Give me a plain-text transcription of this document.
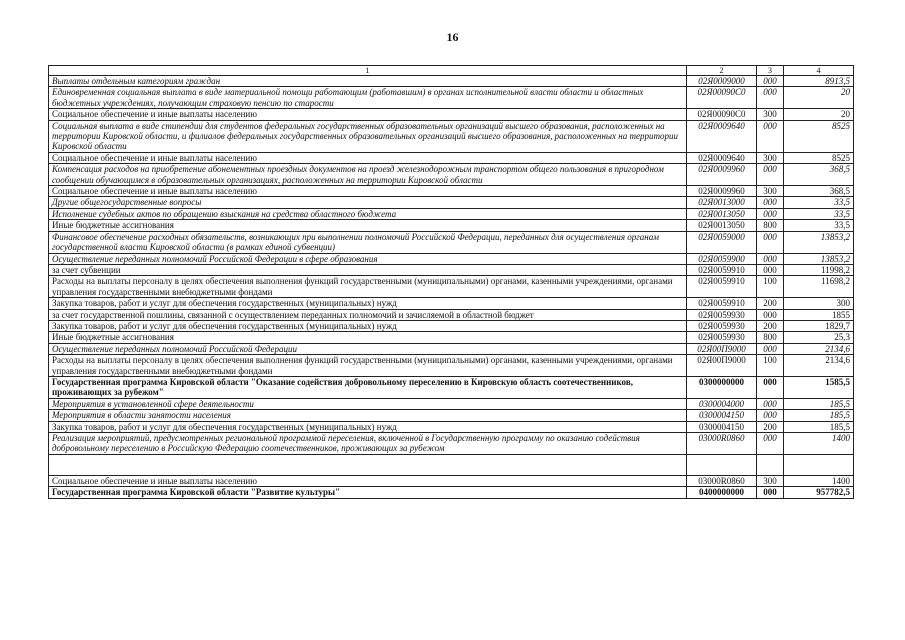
16
1	2	3	4
Выплаты отдельным категориям граждан	02Я0009000	000	8913,5
Единовременная социальная выплата в виде материальной помощи работающим (работавшим) в органах исполнительной власти области и областных бюджетных учреждениях, получающим страховую пенсию по старости	02Я00090С0	000	20
Социальное обеспечение и иные выплаты населению	02Я00090С0	300	20
Социальная выплата в виде стипендии для студентов федеральных государственных образовательных организаций высшего образования, расположенных на территории Кировской области, и филиалов федеральных государственных образовательных организаций высшего образования, расположенных на территории Кировской области	02Я0009640	000	8525
Социальное обеспечение и иные выплаты населению	02Я0009640	300	8525
Компенсация расходов на приобретение абонементных проездных документов на проезд железнодорожным транспортом общего пользования в пригородном сообщении обучающимся в образовательных организациях, расположенных на территории Кировской области	02Я0009960	000	368,5
Социальное обеспечение и иные выплаты населению	02Я0009960	300	368,5
Другие общегосударственные вопросы	02Я0013000	000	33,5
Исполнение судебных актов по обращению взыскания на средства областного бюджета	02Я0013050	000	33,5
Иные бюджетные ассигнования	02Я0013050	800	33,5
Финансовое обеспечение расходных обязательств, возникающих при выполнении полномочий Российской Федерации, переданных для осуществления органам государственной власти Кировской области (в рамках единой субвенции)	02Я0059000	000	13853,2
Осуществление переданных полномочий Российской Федерации в сфере образования	02Я0059900	000	13853,2
за счет субвенции	02Я0059910	000	11998,2
Расходы на выплаты персоналу в целях обеспечения выполнения функций государственными (муниципальными) органами, казенными учреждениями, органами управления государственными внебюджетными фондами	02Я0059910	100	11698,2
Закупка товаров, работ и услуг для обеспечения государственных (муниципальных) нужд	02Я0059910	200	300
за счет государственной пошлины, связанной с осуществлением переданных полномочий и зачисляемой в областной бюджет	02Я0059930	000	1855
Закупка товаров, работ и услуг для обеспечения государственных (муниципальных) нужд	02Я0059930	200	1829,7
Иные бюджетные ассигнования	02Я0059930	800	25,3
Осуществление переданных полномочий Российской Федерации	02Я00П9000	000	2134,6
Расходы на выплаты персоналу в целях обеспечения выполнения функций государственными (муниципальными) органами, казенными учреждениями, органами управления государственными внебюджетными фондами	02Я00П9000	100	2134,6
Государственная программа Кировской области "Оказание содействия добровольному переселению в Кировскую область соотечественников, проживающих за рубежом"	0300000000	000	1585,5
Мероприятия в установленной сфере деятельности	0300004000	000	185,5
Мероприятия в области занятости населения	0300004150	000	185,5
Закупка товаров, работ и услуг для обеспечения государственных (муниципальных) нужд	0300004150	200	185,5
Реализация мероприятий, предусмотренных региональной программой переселения, включенной в Государственную программу по оказанию содействия добровольному переселению в Российскую Федерацию соотечественников, проживающих за рубежом	03000R0860	000	1400

Социальное обеспечение и иные выплаты населению	03000R0860	300	1400
Государственная программа Кировской области "Развитие культуры"	0400000000	000	957782,5
